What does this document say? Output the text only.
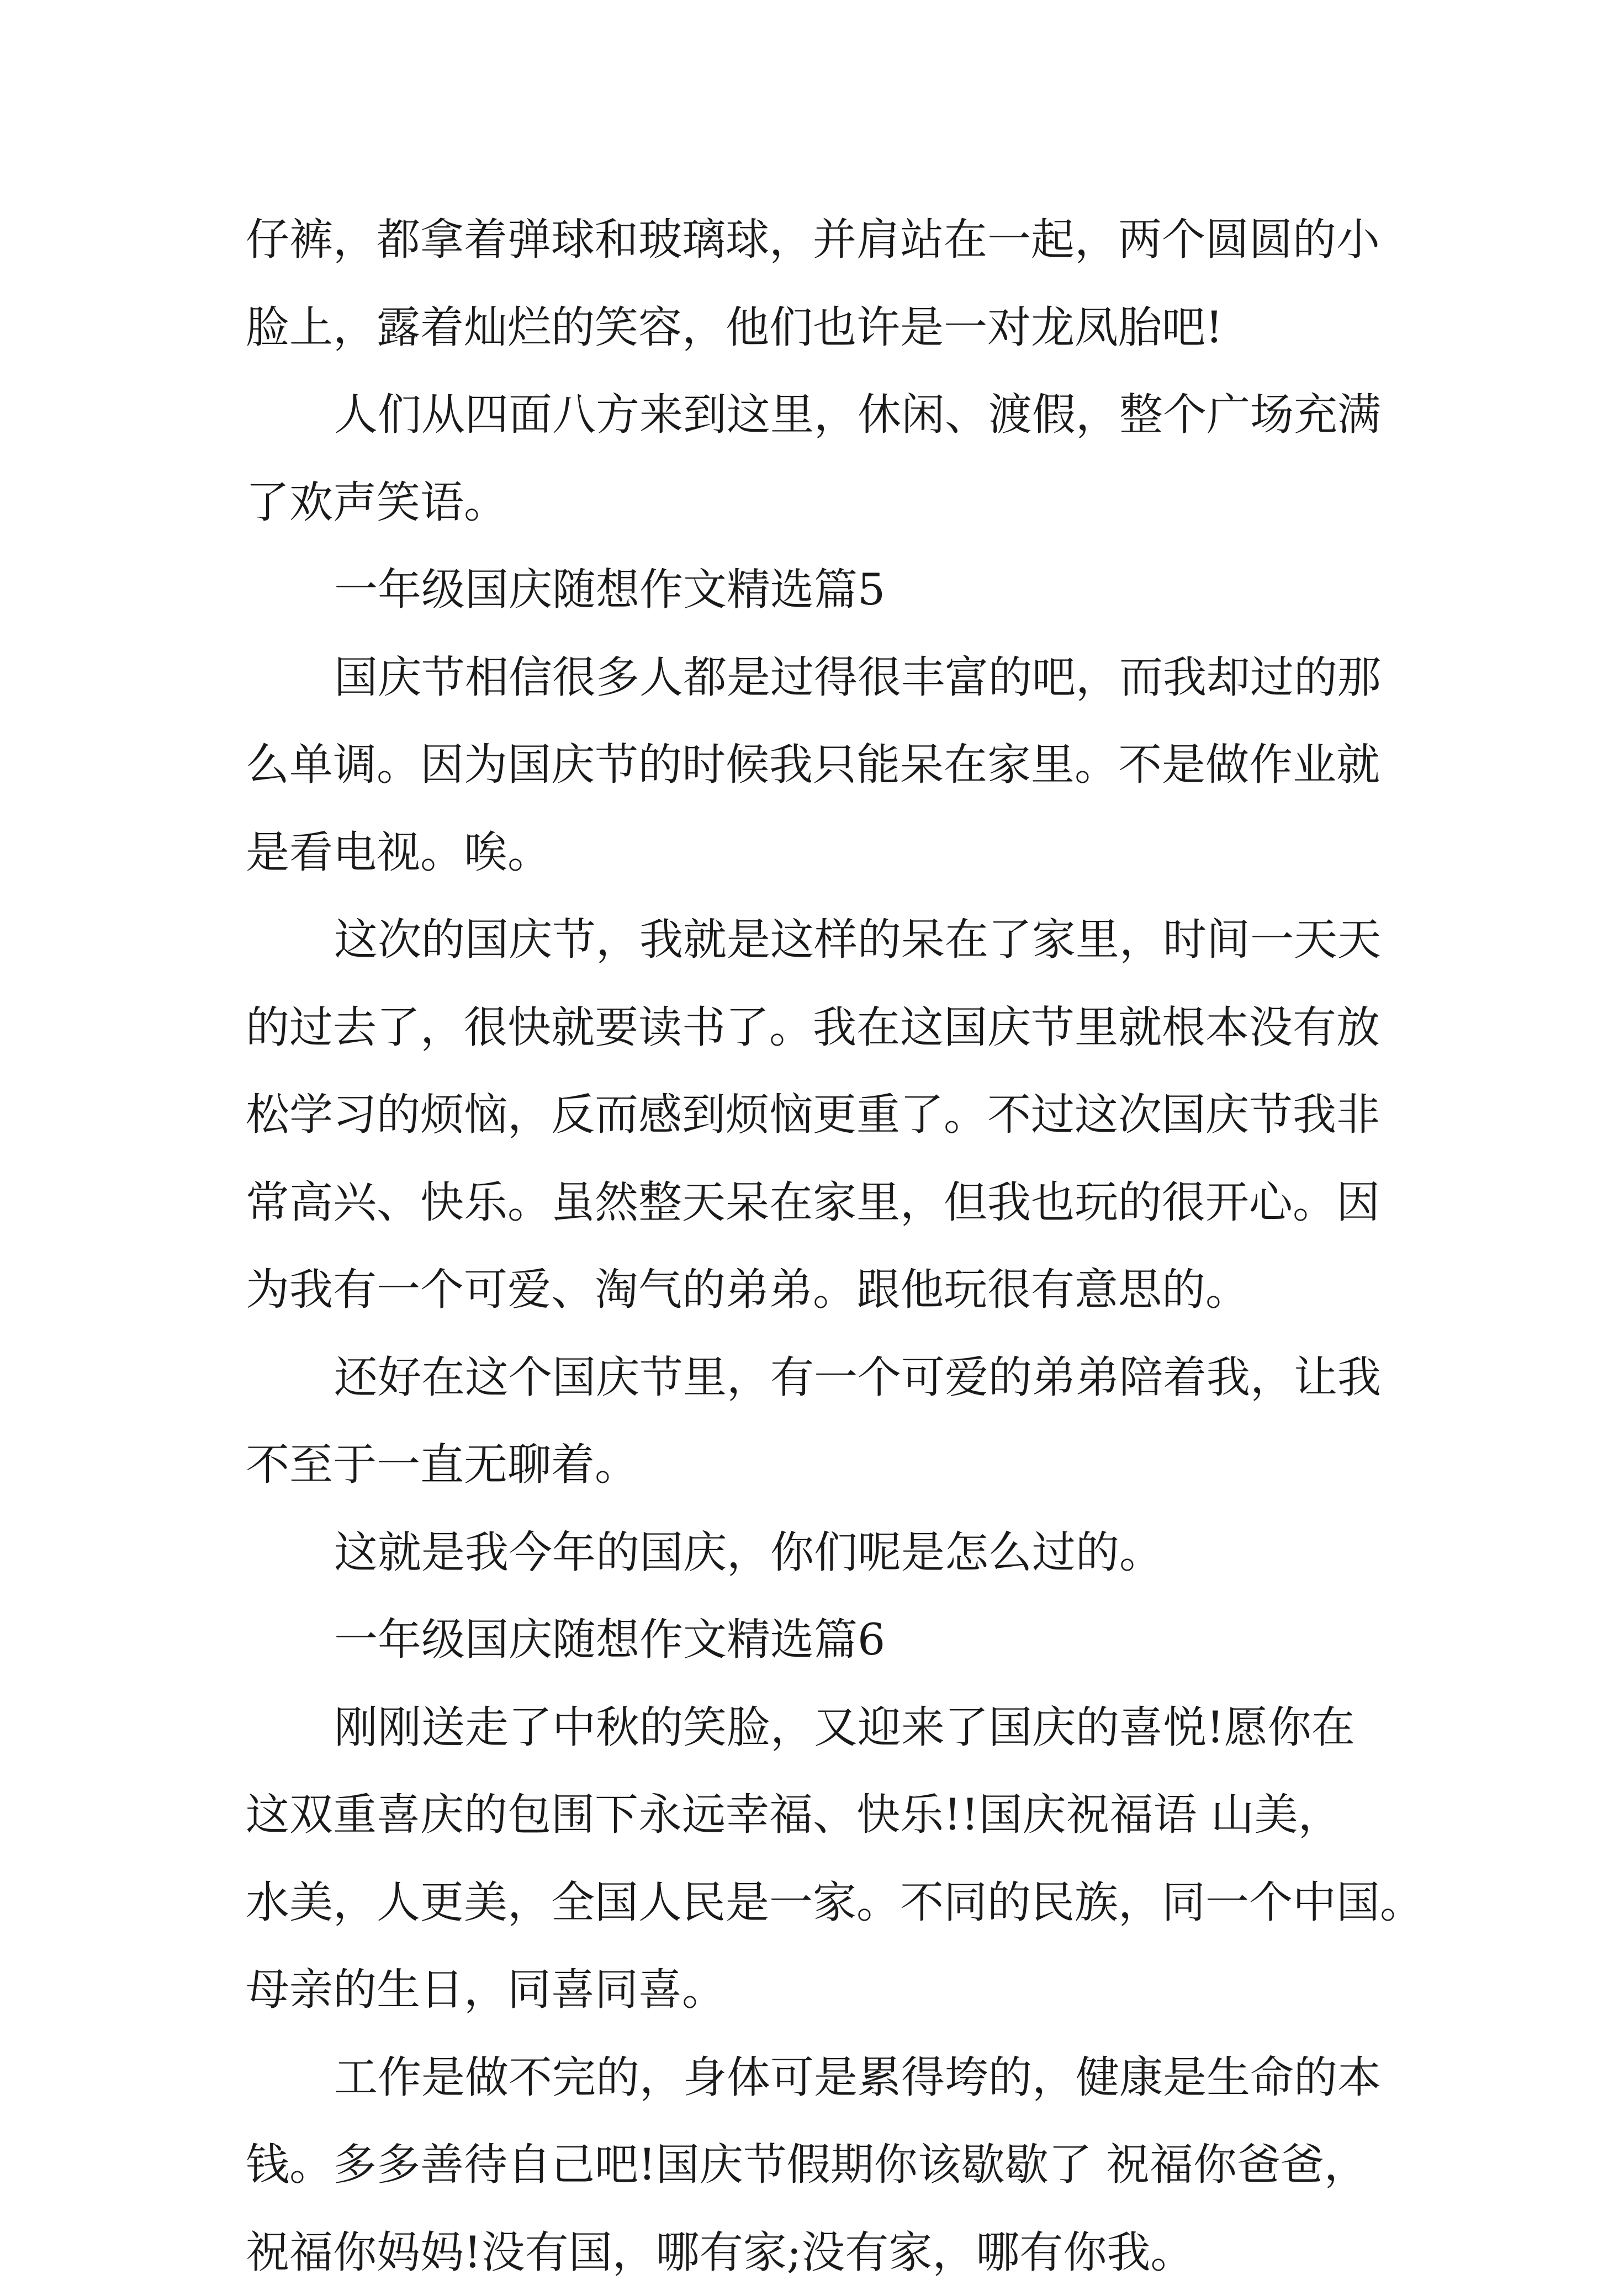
仔裤，都拿着弹球和玻璃球，并肩站在一起，两个圆圆的小
脸上，露着灿烂的笑容，他们也许是一对龙凤胎吧!
人们从四面八方来到这里，休闲、渡假，整个广场充满
了欢声笑语。
一年级国庆随想作文精选篇5
国庆节相信很多人都是过得很丰富的吧，而我却过的那
么单调。因为国庆节的时候我只能呆在家里。不是做作业就
是看电视。唉。
这次的国庆节，我就是这样的呆在了家里，时间一天天
的过去了，很快就要读书了。我在这国庆节里就根本没有放
松学习的烦恼，反而感到烦恼更重了。不过这次国庆节我非
常高兴、快乐。虽然整天呆在家里，但我也玩的很开心。因
为我有一个可爱、淘气的弟弟。跟他玩很有意思的。
还好在这个国庆节里，有一个可爱的弟弟陪着我，让我
不至于一直无聊着。
这就是我今年的国庆，你们呢是怎么过的。
一年级国庆随想作文精选篇6
刚刚送走了中秋的笑脸，又迎来了国庆的喜悦!愿你在
这双重喜庆的包围下永远幸福、快乐!!国庆祝福语 山美，
水美，人更美，全国人民是一家。不同的民族，同一个中国。
母亲的生日，同喜同喜。
工作是做不完的，身体可是累得垮的，健康是生命的本
钱。多多善待自己吧!国庆节假期你该歇歇了 祝福你爸爸，
祝福你妈妈!没有国，哪有家;没有家，哪有你我。
